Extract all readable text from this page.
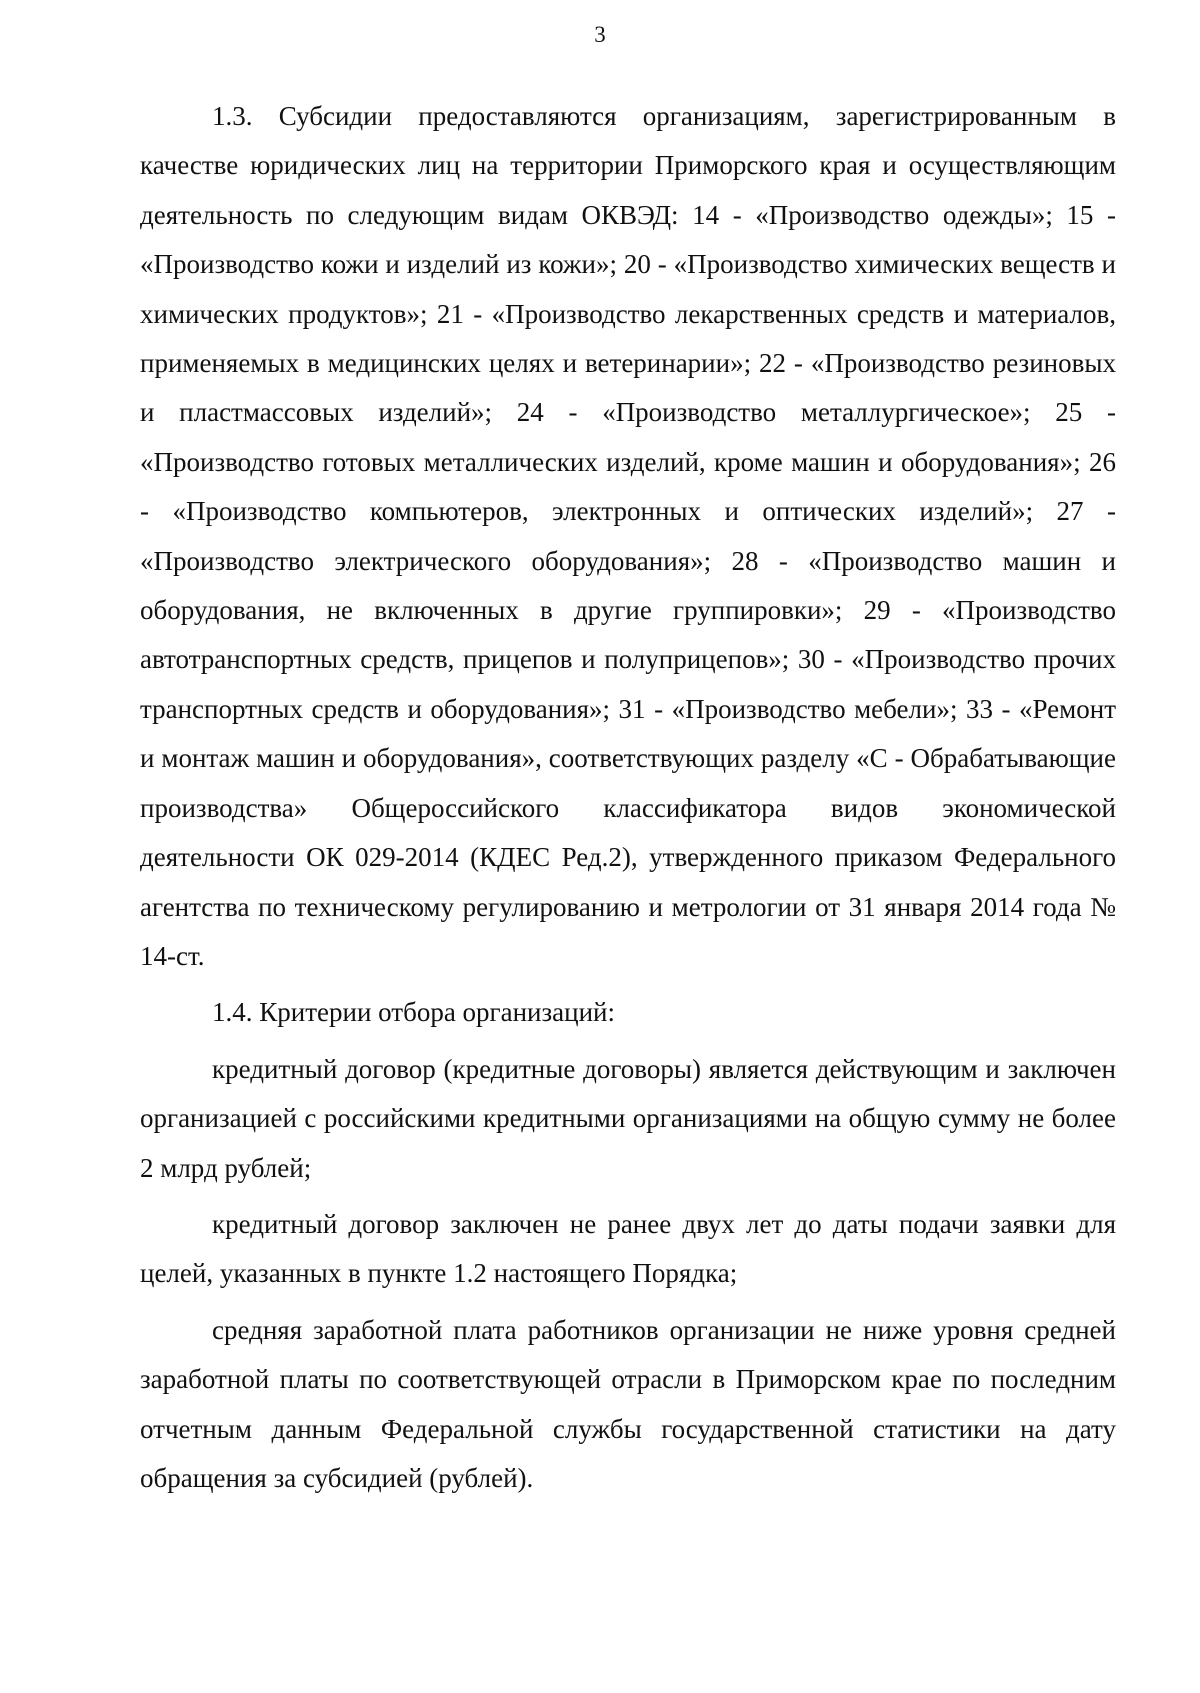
3

1.3. Субсидии предоставляются организациям, зарегистрированным в качестве юридических лиц на территории Приморского края и осуществляющим деятельность по следующим видам ОКВЭД: 14 - «Производство одежды»; 15 - «Производство кожи и изделий из кожи»; 20 - «Производство химических веществ и химических продуктов»; 21 - «Производство лекарственных средств и материалов, применяемых в медицинских целях и ветеринарии»; 22 - «Производство резиновых и пластмассовых изделий»; 24 - «Производство металлургическое»; 25 - «Производство готовых металлических изделий, кроме машин и оборудования»; 26 - «Производство компьютеров, электронных и оптических изделий»; 27 - «Производство электрического оборудования»; 28 - «Производство машин и оборудования, не включенных в другие группировки»; 29 - «Производство автотранспортных средств, прицепов и полуприцепов»; 30 - «Производство прочих транспортных средств и оборудования»; 31 - «Производство мебели»; 33 - «Ремонт и монтаж машин и оборудования», соответствующих разделу «С - Обрабатывающие производства» Общероссийского классификатора видов экономической деятельности ОК 029-2014 (КДЕС Ред.2), утвержденного приказом Федерального агентства по техническому регулированию и метрологии от 31 января 2014 года № 14-ст.

1.4. Критерии отбора организаций:

кредитный договор (кредитные договоры) является действующим и заключен организацией с российскими кредитными организациями на общую сумму не более 2 млрд рублей;

кредитный договор заключен не ранее двух лет до даты подачи заявки для целей, указанных в пункте 1.2 настоящего Порядка;

средняя заработной плата работников организации не ниже уровня средней заработной платы по соответствующей отрасли в Приморском крае по последним отчетным данным Федеральной службы государственной статистики на дату обращения за субсидией (рублей).
